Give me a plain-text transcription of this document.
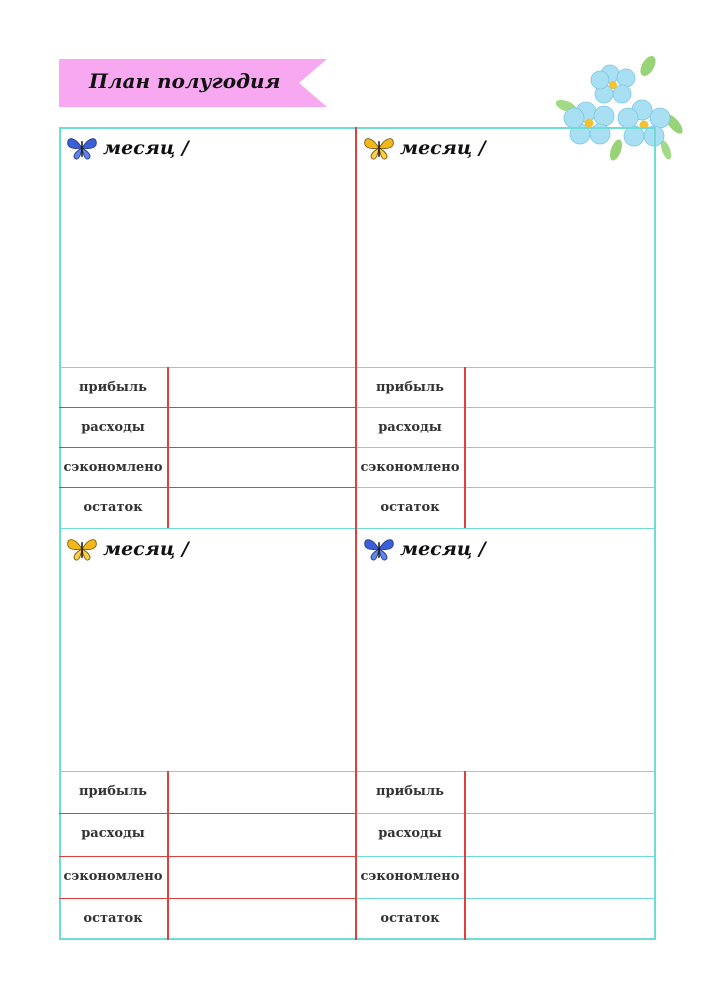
План полугодия
месяц /
прибыль
расходы
сэкономлено
остаток
месяц /
прибыль
расходы
сэкономлено
остаток
месяц /
прибыль
расходы
сэкономлено
остаток
месяц /
прибыль
расходы
сэкономлено
остаток
